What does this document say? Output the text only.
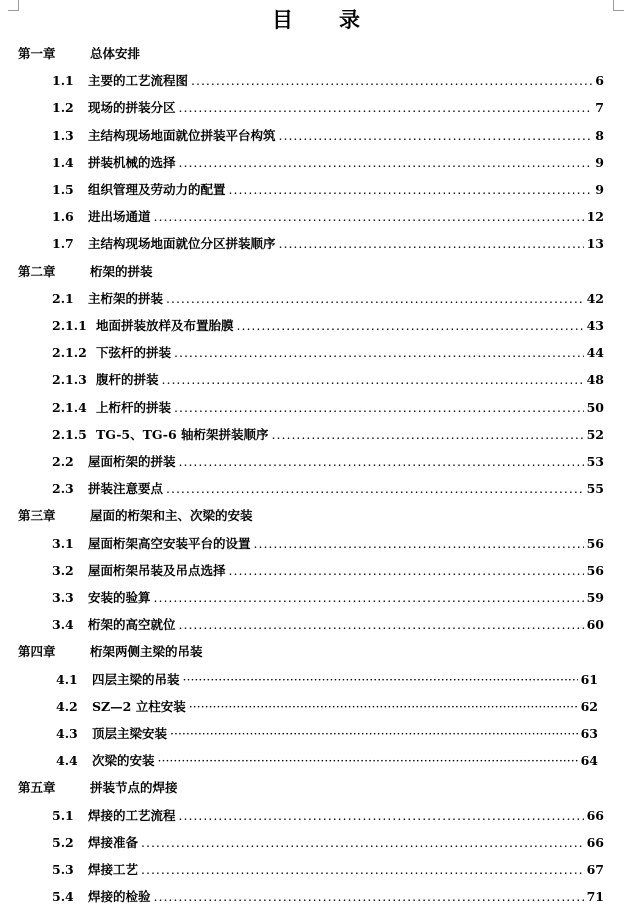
目 录
第一章	总体安排
1.1	主要的工艺流程图 .....	6
1.2	现场的拼装分区 .....	7
1.3	主结构现场地面就位拼装平台构筑 .....	8
1.4	拼装机械的选择 .....	9
1.5	组织管理及劳动力的配置 .....	9
1.6	进出场通道 .....	12
1.7	主结构现场地面就位分区拼装顺序 .....	13
第二章	桁架的拼装
2.1	主桁架的拼装 .....	42
2.1.1 地面拼装放样及布置胎膜 .....	43
2.1.2 下弦杆的拼装 .....	44
2.1.3 腹杆的拼装 .....	48
2.1.4 上桁杆的拼装 .....	50
2.1.5 TG-5、TG-6 轴桁架拼装顺序 .....	52
2.2	屋面桁架的拼装 .....	53
2.3	拼装注意要点 .....	55
第三章	屋面的桁架和主、次梁的安装
3.1	屋面桁架高空安装平台的设置 .....	56
3.2	屋面桁架吊装及吊点选择 .....	56
3.3	安装的验算 .....	59
3.4	桁架的高空就位 .....	60
第四章	桁架两侧主梁的吊装
4.1	四层主梁的吊装 ·····	61
4.2	SZ—2 立柱安装 ·····	62
4.3	顶层主梁安装 ·····	63
4.4	次梁的安装 ·····	64
第五章	拼装节点的焊接
5.1	焊接的工艺流程 .....	66
5.2	焊接准备 .....	66
5.3	焊接工艺 .....	67
5.4	焊接的检验 .....	71
